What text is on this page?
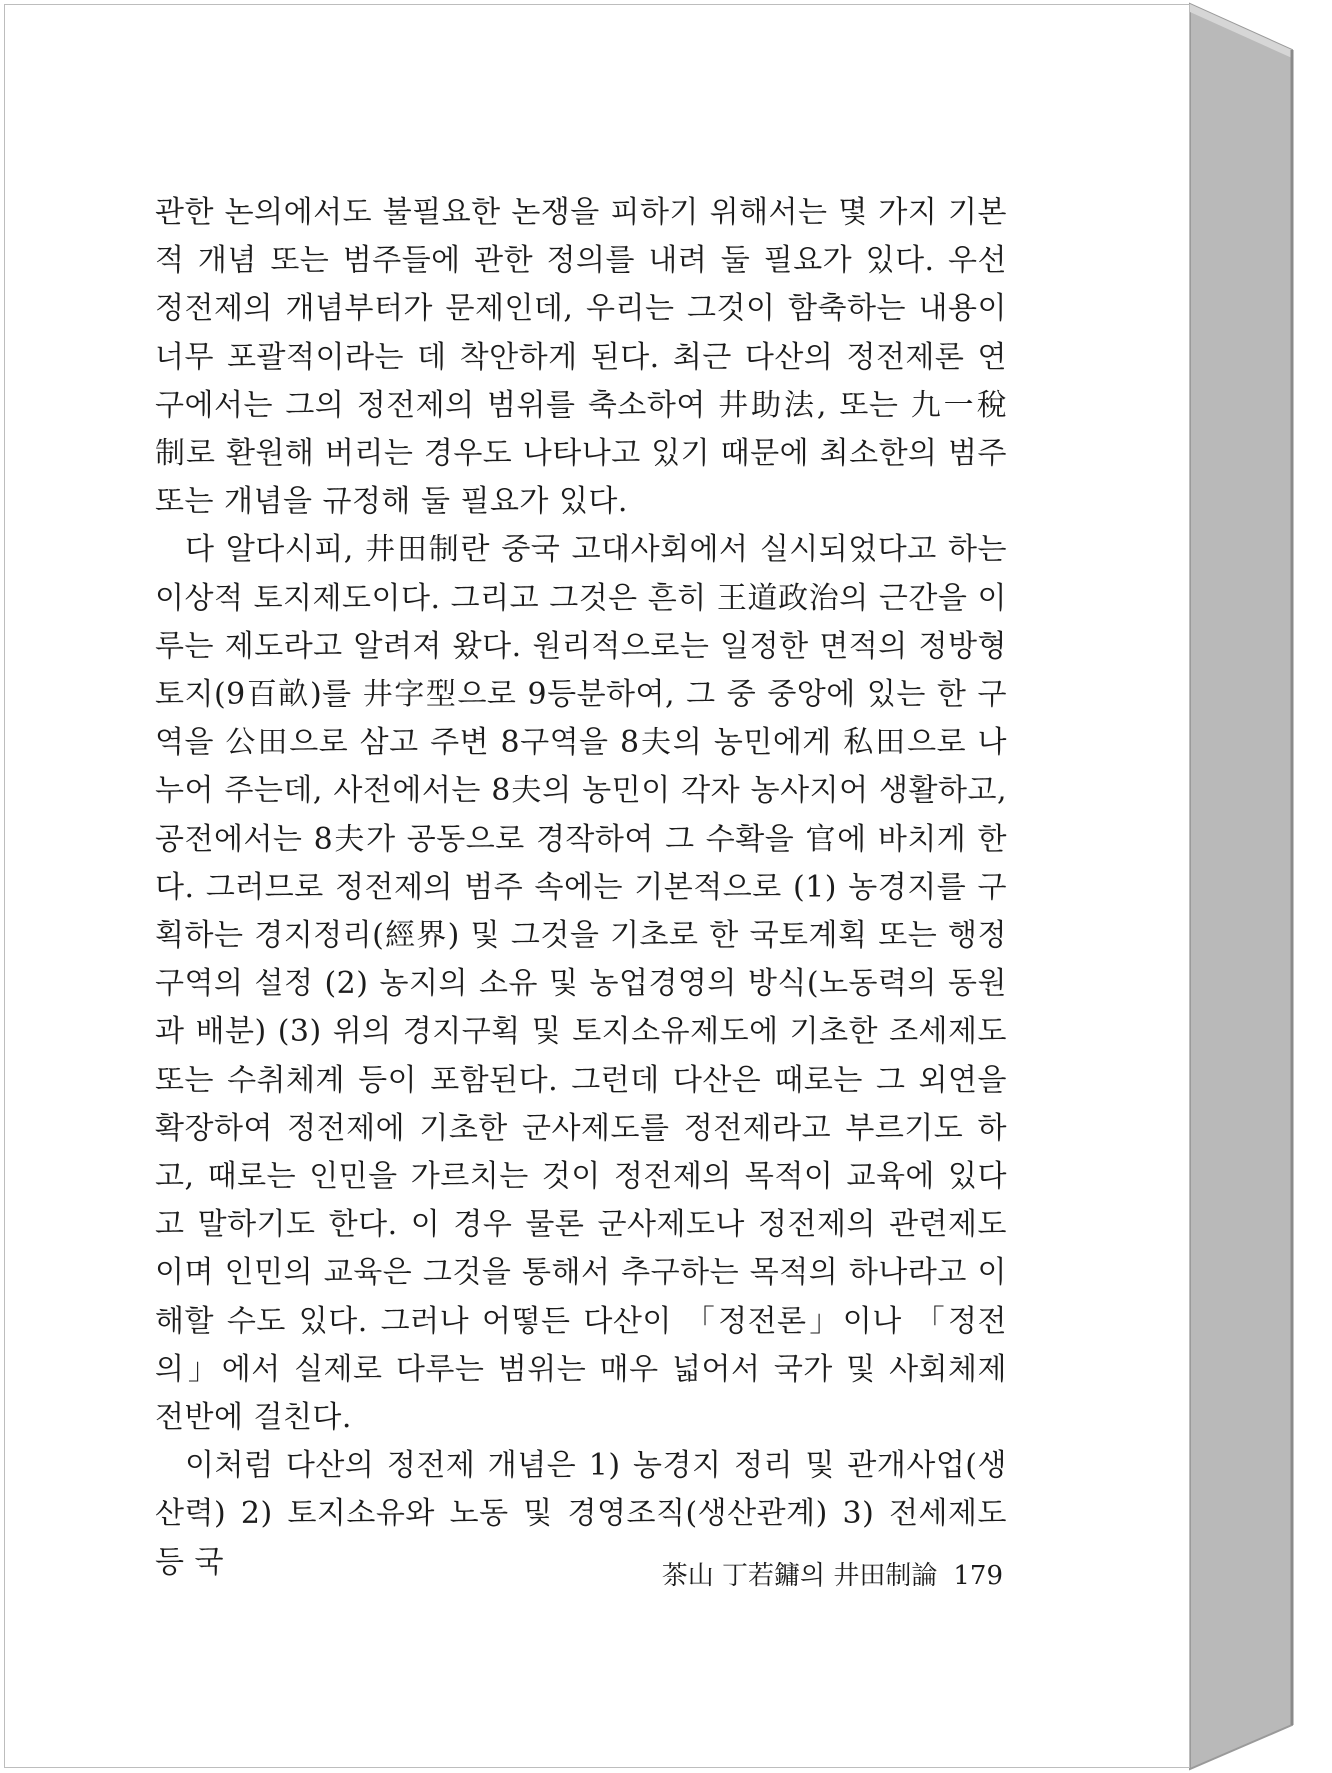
관한 논의에서도 불필요한 논쟁을 피하기 위해서는 몇 가지 기본적 개념 또는 범주들에 관한 정의를 내려 둘 필요가 있다. 우선 정전제의 개념부터가 문제인데, 우리는 그것이 함축하는 내용이 너무 포괄적이라는 데 착안하게 된다. 최근 다산의 정전제론 연구에서는 그의 정전제의 범위를 축소하여 井助法, 또는 九一稅制로 환원해 버리는 경우도 나타나고 있기 때문에 최소한의 범주 또는 개념을 규정해 둘 필요가 있다.

다 알다시피, 井田制란 중국 고대사회에서 실시되었다고 하는 이상적 토지제도이다. 그리고 그것은 흔히 王道政治의 근간을 이루는 제도라고 알려져 왔다. 원리적으로는 일정한 면적의 정방형 토지(9百畝)를 井字型으로 9등분하여, 그 중 중앙에 있는 한 구역을 公田으로 삼고 주변 8구역을 8夫의 농민에게 私田으로 나누어 주는데, 사전에서는 8夫의 농민이 각자 농사지어 생활하고, 공전에서는 8夫가 공동으로 경작하여 그 수확을 官에 바치게 한다. 그러므로 정전제의 범주 속에는 기본적으로 (1) 농경지를 구획하는 경지정리(經界) 및 그것을 기초로 한 국토계획 또는 행정구역의 설정 (2) 농지의 소유 및 농업경영의 방식(노동력의 동원과 배분) (3) 위의 경지구획 및 토지소유제도에 기초한 조세제도 또는 수취체계 등이 포함된다. 그런데 다산은 때로는 그 외연을 확장하여 정전제에 기초한 군사제도를 정전제라고 부르기도 하고, 때로는 인민을 가르치는 것이 정전제의 목적이 교육에 있다고 말하기도 한다. 이 경우 물론 군사제도나 정전제의 관련제도이며 인민의 교육은 그것을 통해서 추구하는 목적의 하나라고 이해할 수도 있다. 그러나 어떻든 다산이 「정전론」이나 「정전의」에서 실제로 다루는 범위는 매우 넓어서 국가 및 사회체제 전반에 걸친다.

이처럼 다산의 정전제 개념은 1) 농경지 정리 및 관개사업(생산력) 2) 토지소유와 노동 및 경영조직(생산관계) 3) 전세제도 등 국	茶山 丁若鏞의 井田制論 179
